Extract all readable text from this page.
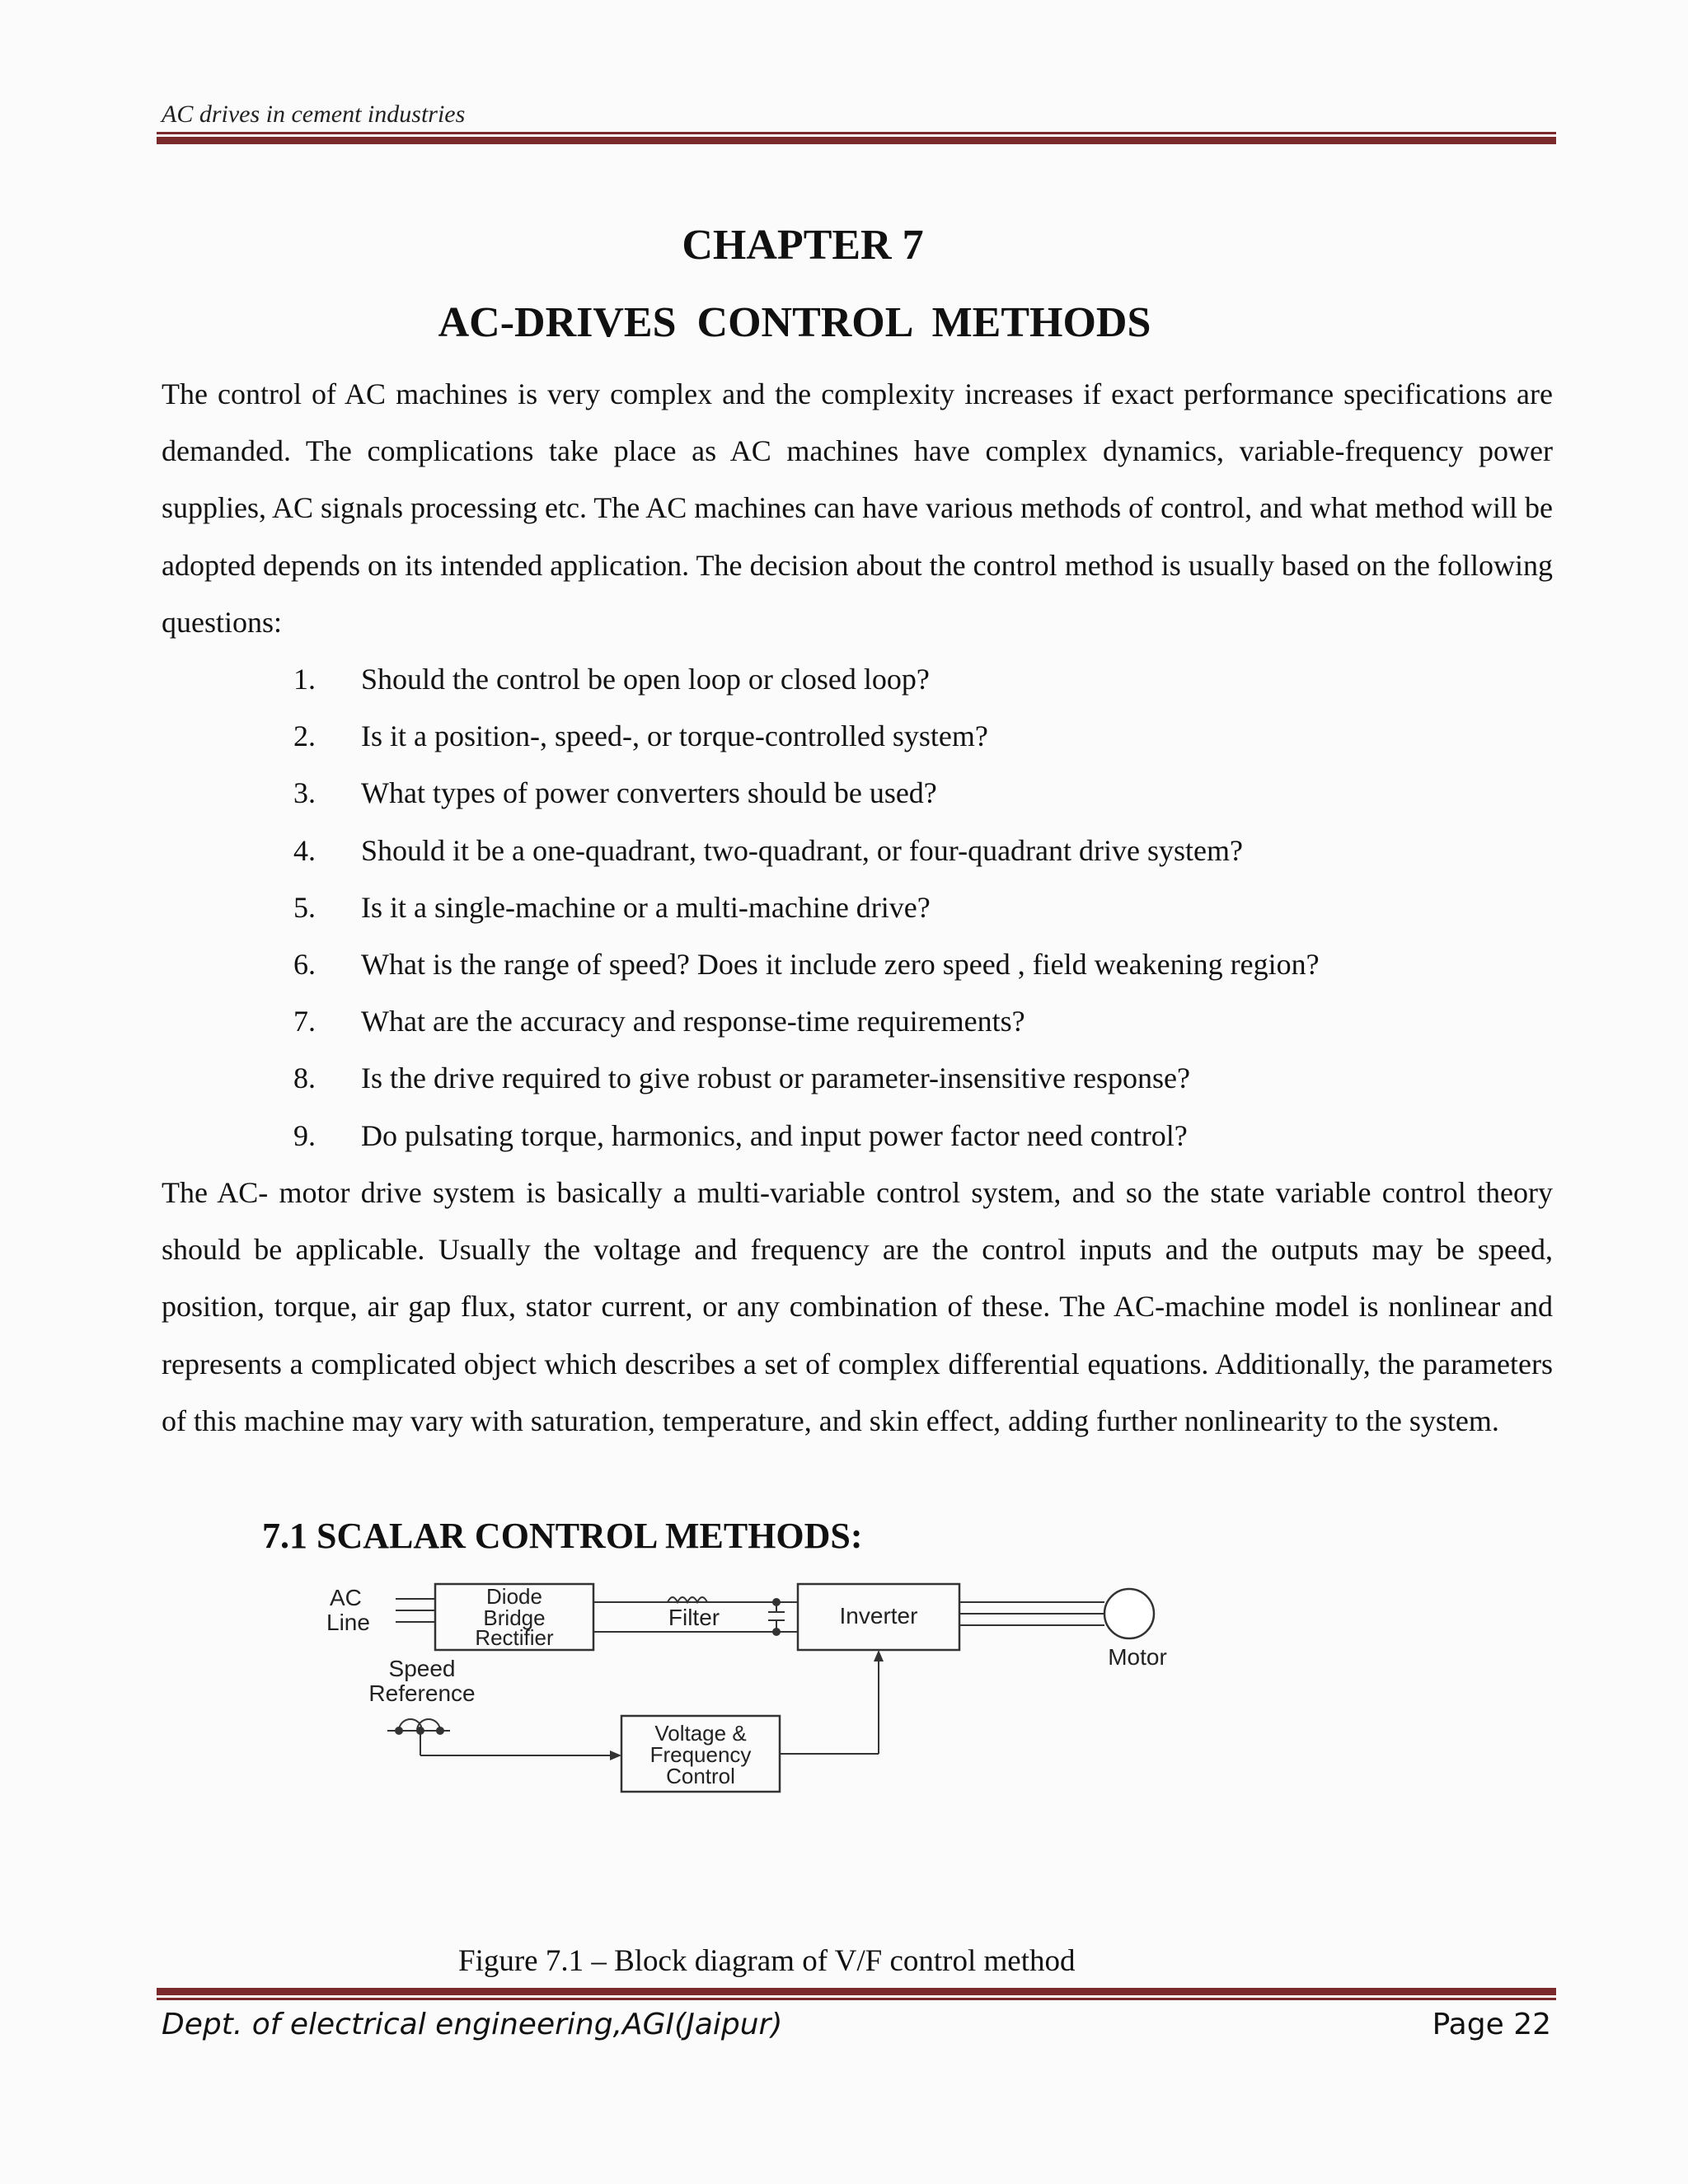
AC drives in cement industries
CHAPTER 7
AC-DRIVES CONTROL METHODS
The control of AC machines is very complex and the complexity increases if exact performance specifications are demanded. The complications take place as AC machines have complex dynamics, variable-frequency power supplies, AC signals processing etc. The AC machines can have various methods of control, and what method will be adopted depends on its intended application. The decision about the control method is usually based on the following questions:
1.	Should the control be open loop or closed loop?
2.	Is it a position-, speed-, or torque-controlled system?
3.	What types of power converters should be used?
4.	Should it be a one-quadrant, two-quadrant, or four-quadrant drive system?
5.	Is it a single-machine or a multi-machine drive?
6.	What is the range of speed? Does it include zero speed , field weakening region?
7.	What are the accuracy and response-time requirements?
8.	Is the drive required to give robust or parameter-insensitive response?
9.	Do pulsating torque, harmonics, and input power factor need control?
The AC- motor drive system is basically a multi-variable control system, and so the state variable control theory should be applicable. Usually the voltage and frequency are the control inputs and the outputs may be speed, position, torque, air gap flux, stator current, or any combination of these. The AC-machine model is nonlinear and represents a complicated object which describes a set of complex differential equations. Additionally, the parameters of this machine may vary with saturation, temperature, and skin effect, adding further nonlinearity to the system.
7.1 SCALAR CONTROL METHODS:
AC
Line
Diode
Bridge
Rectifier
Filter	Inverter
Motor
Speed
Reference
Voltage &
Frequency
Control
Figure 7.1 – Block diagram of V/F control method
Dept. of electrical engineering,AGI(Jaipur)	Page 22
